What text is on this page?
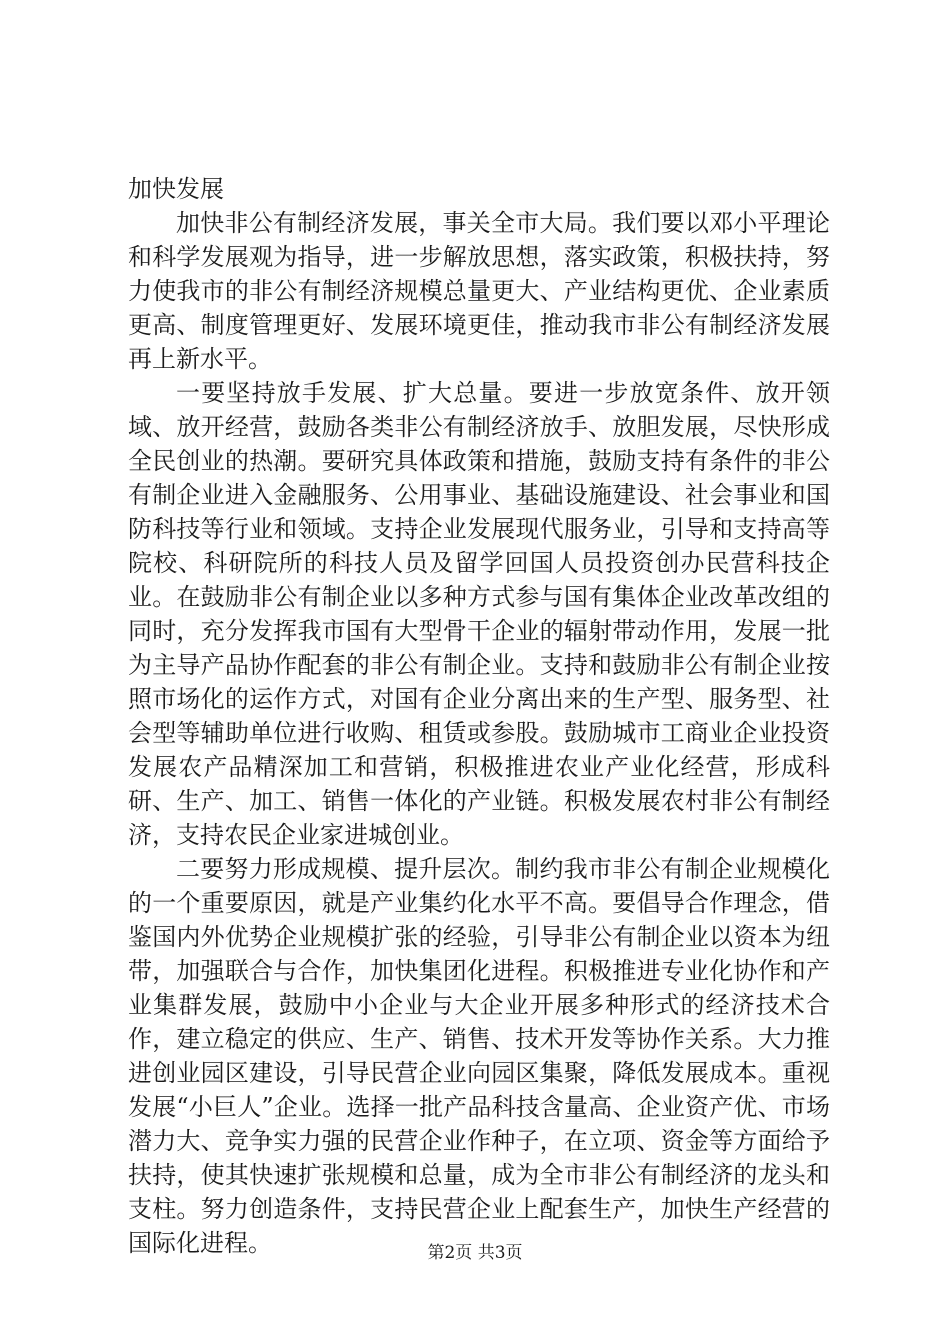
加快发展

加快非公有制经济发展，事关全市大局。我们要以邓小平理论和科学发展观为指导，进一步解放思想，落实政策，积极扶持，努力使我市的非公有制经济规模总量更大、产业结构更优、企业素质更高、制度管理更好、发展环境更佳，推动我市非公有制经济发展再上新水平。

一要坚持放手发展、扩大总量。要进一步放宽条件、放开领域、放开经营，鼓励各类非公有制经济放手、放胆发展，尽快形成全民创业的热潮。要研究具体政策和措施，鼓励支持有条件的非公有制企业进入金融服务、公用事业、基础设施建设、社会事业和国防科技等行业和领域。支持企业发展现代服务业，引导和支持高等院校、科研院所的科技人员及留学回国人员投资创办民营科技企业。在鼓励非公有制企业以多种方式参与国有集体企业改革改组的同时，充分发挥我市国有大型骨干企业的辐射带动作用，发展一批为主导产品协作配套的非公有制企业。支持和鼓励非公有制企业按照市场化的运作方式，对国有企业分离出来的生产型、服务型、社会型等辅助单位进行收购、租赁或参股。鼓励城市工商业企业投资发展农产品精深加工和营销，积极推进农业产业化经营，形成科研、生产、加工、销售一体化的产业链。积极发展农村非公有制经济，支持农民企业家进城创业。

二要努力形成规模、提升层次。制约我市非公有制企业规模化的一个重要原因，就是产业集约化水平不高。要倡导合作理念，借鉴国内外优势企业规模扩张的经验，引导非公有制企业以资本为纽带，加强联合与合作，加快集团化进程。积极推进专业化协作和产业集群发展，鼓励中小企业与大企业开展多种形式的经济技术合作，建立稳定的供应、生产、销售、技术开发等协作关系。大力推进创业园区建设，引导民营企业向园区集聚，降低发展成本。重视发展“小巨人”企业。选择一批产品科技含量高、企业资产优、市场潜力大、竞争实力强的民营企业作种子，在立项、资金等方面给予扶持，使其快速扩张规模和总量，成为全市非公有制经济的龙头和支柱。努力创造条件，支持民营企业上配套生产，加快生产经营的国际化进程。	第2页 共3页
